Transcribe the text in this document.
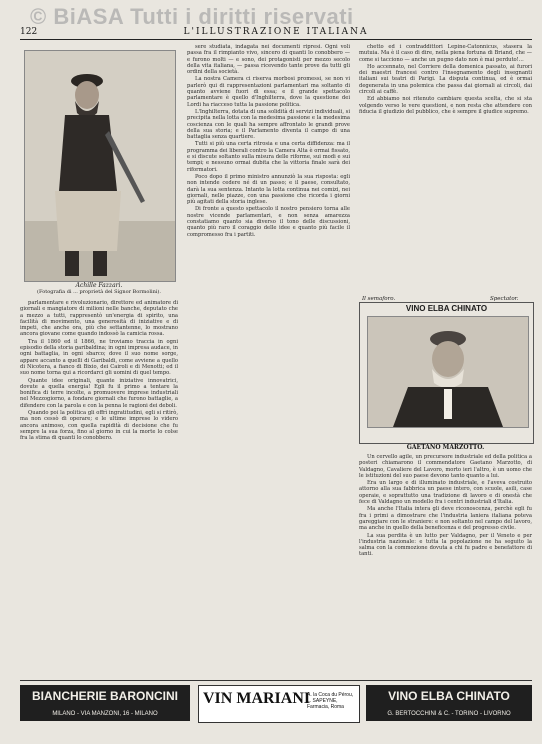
© BiASA Tutti i diritti riservati
122	L'ILLUSTRAZIONE ITALIANA
Achille Fazzari.
(Fotografia di ... proprietà del Signor Bormolini).

parlamentare e rivoluzionario, direttore ed animatore di giornali e mangiatore di milioni nelle banche, deputato che a mezzo a tutti, rappresentò un'energia di spirito, una facilità di movimento, una generosità di iniziative e di impeti, che anche ora, più che settantenne, lo mostrano ancora giovane come quando indossò la camicia rossa.

Tra il 1860 ed il 1866, ne troviamo traccia in ogni episodio della storia garibaldina; in ogni impresa audace, in ogni battaglia, in ogni sbarco; dove il suo nome sorge, appare accanto a quelli di Garibaldi, come avviene a quello di Nicotera, a fianco di Bixio, dei Cairoli e di Menotti; ed il suo nome torna qui a ricordarci gli uomini di quel tempo.

Quante idee originali, quante iniziative innovatrici, dovute a quella energia! Egli fu il primo a tentare la bonifica di terre incolte, a promuovere imprese industriali nel Mezzogiorno, a fondare giornali che furono battaglie, a difendere con la parola e con la penna le ragioni dei deboli.

Quando poi la politica gli offrì ingratitudini, egli si ritirò, ma non cessò di operare; e le ultime imprese lo videro ancora animoso, con quella rapidità di decisione che fu sempre la sua forza, fino al giorno in cui la morte lo colse fra la stima di quanti lo conobbero.

sere studiata, indagata nei documenti ripresi. Ogni voli passa fra il rimpianto vivo, sincero di quanti lo conobbero — e furono molti — e sono, dei protagonisti per mezzo secolo della vita italiana, — passa ricevendo tante prove da tutti gli ordini della società.

La nostra Camera ci riserva morbosi promessi, se non vi parlerò qui di rappresentazioni parlamentari ma soltanto di quanto avviene fuori di essa; e il grande spettacolo parlamentare è quello d'Inghilterra, dove la questione dei Lordi ha riacceso tutta la passione politica.

L'Inghilterra, dotata di una solidità di servizi individuali, si precipita nella lotta con la medesima passione e la medesima coscienza con le quali ha sempre affrontato le grandi prove della sua storia; e il Parlamento diventa il campo di una battaglia senza quartiere.

Tutti si più una certa ritrosia e una certa diffidenza: ma il programma dei liberali contro la Camera Alta è ormai fissato, e si discute soltanto sulla misura delle riforme, sui modi e sui tempi; e nessuno ormai dubita che la vittoria finale sarà dei riformatori.

Poco dopo il primo ministro annunziò la sua risposta: egli non intende cedere né di un passo; e il paese, consultato, darà la sua sentenza. Intanto la lotta continua nei comizi, nei giornali, nelle piazze, con una passione che ricorda i giorni più agitati della storia inglese.

Di fronte a questo spettacolo il nostro pensiero torna alle nostre vicende parlamentari, e non senza amarezza constatiamo quanto sia diverso il tono delle discussioni, quanto più raro il coraggio delle idee e quanto più facile il compromesso fra i partiti.

chetto ed i contraddittori Lepine-Catonnicus, stasera la mutuia. Ma è il caso di dire, nella piena fortuna di Briand, che — come si tacciono — anche un pugno dato non è mai perduto!...

Ho accennato, nel Corriere della domenica passato, ai furori dei maestri francesi contro l'insegnamento degli insegnanti italiani sui teatri di Parigi. La disputa continua, ed è ormai degenerata in una polemica che passa dai giornali ai circoli, dai circoli ai caffè.

Ed abbiamo noi ritenuto cambiare questa scelta, che si sta volgendo verso le vere questioni, e non resta che attendere con fiducia il giudizio del pubblico, che è sempre il giudice supremo.

Il semaforo.	Spectator.
VINO ELBA CHINATO
GAETANO MARZOTTO.

Un cervello agile, un precursore industriale ed della politica a posteri chiamarono il commendatore Gaetano Marzotto, di Valdagno, Cavaliere del Lavoro, morto ieri l'altro, è un uomo che le istituzioni del suo paese devono tanto quanto a lui.

Era un largo e di illuminato industriale, e l'aveva costruito attorno alla sua fabbrica un paese intero, con scuole, asili, case operaie, e soprattutto una tradizione di lavoro e di onestà che fece di Valdagno un modello fra i centri industriali d'Italia.

Ma anche l'Italia intera gli deve riconoscenza, perchè egli fu fra i primi a dimostrare che l'industria laniera italiana poteva gareggiare con le straniere: e non soltanto nel campo del lavoro, ma anche in quello della beneficenza e del progresso civile.

La sua perdita è un lutto per Valdagno, per il Veneto e per l'industria nazionale: e tutta la popolazione ne ha seguito la salma con la commozione dovuta a chi fu padre e benefattore di tanti.

BIANCHERIE BARONCINI
MILANO - VIA MANZONI, 16 - MILANO
VIN MARIANI
A. la Coca du Pérou, L. SAPEYNE, Farmacia, Roma
VINO ELBA CHINATO
G. BERTOCCHINI & C. - TORINO - LIVORNO
